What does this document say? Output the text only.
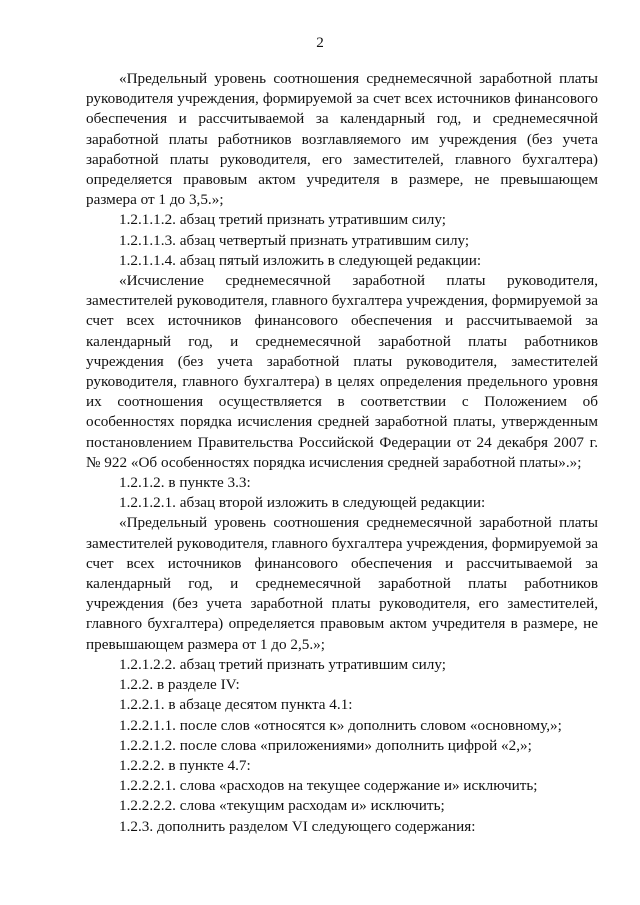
2

«Предельный уровень соотношения среднемесячной заработной платы руководителя учреждения, формируемой за счет всех источников финансового обеспечения и рассчитываемой за календарный год, и среднемесячной заработной платы работников возглавляемого им учреждения (без учета заработной платы руководителя, его заместителей, главного бухгалтера) определяется правовым актом учредителя в размере, не превышающем размера от 1 до 3,5.»;

1.2.1.1.2. абзац третий признать утратившим силу;

1.2.1.1.3. абзац четвертый признать утратившим силу;

1.2.1.1.4. абзац пятый изложить в следующей редакции:

«Исчисление среднемесячной заработной платы руководителя, заместителей руководителя, главного бухгалтера учреждения, формируемой за счет всех источников финансового обеспечения и рассчитываемой за календарный год, и среднемесячной заработной платы работников учреждения (без учета заработной платы руководителя, заместителей руководителя, главного бухгалтера) в целях определения предельного уровня их соотношения осуществляется в соответствии с Положением об особенностях порядка исчисления средней заработной платы, утвержденным постановлением Правительства Российской Федерации от 24 декабря 2007 г. № 922 «Об особенностях порядка исчисления средней заработной платы».»;

1.2.1.2. в пункте 3.3:

1.2.1.2.1. абзац второй изложить в следующей редакции:

«Предельный уровень соотношения среднемесячной заработной платы заместителей руководителя, главного бухгалтера учреждения, формируемой за счет всех источников финансового обеспечения и рассчитываемой за календарный год, и среднемесячной заработной платы работников учреждения (без учета заработной платы руководителя, его заместителей, главного бухгалтера) определяется правовым актом учредителя в размере, не превышающем размера от 1 до 2,5.»;

1.2.1.2.2. абзац третий признать утратившим силу;

1.2.2. в разделе IV:

1.2.2.1. в абзаце десятом пункта 4.1:

1.2.2.1.1. после слов «относятся к» дополнить словом «основному,»;

1.2.2.1.2. после слова «приложениями» дополнить цифрой «2,»;

1.2.2.2. в пункте 4.7:

1.2.2.2.1. слова «расходов на текущее содержание и» исключить;

1.2.2.2.2. слова «текущим расходам и» исключить;

1.2.3. дополнить разделом VI следующего содержания:
